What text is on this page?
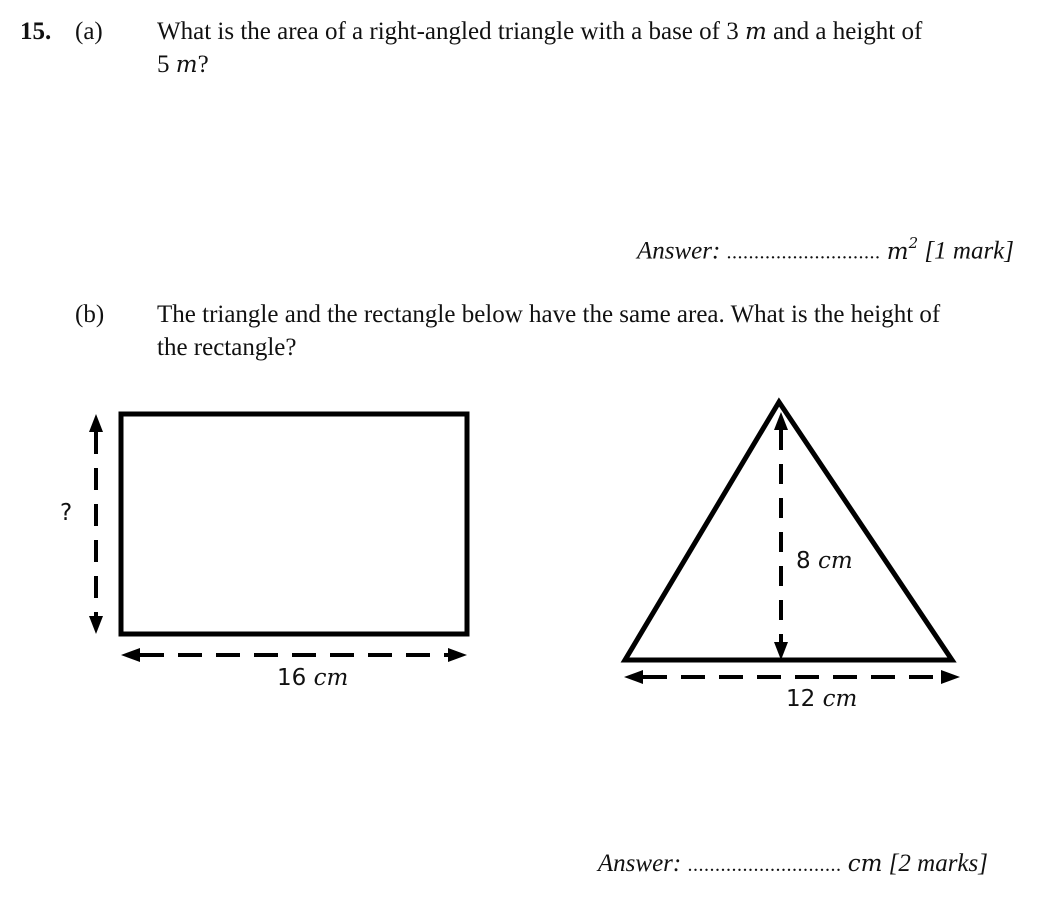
15. (a) What is the area of a right-angled triangle with a base of 3 m and a height of
5 m?
Answer: ............................ $m^2$ [1 mark]
(b) The triangle and the rectangle below have the same area. What is the height of
the rectangle?
?
16 cm
8 cm
12 cm
Answer: ............................ cm [2 marks]
